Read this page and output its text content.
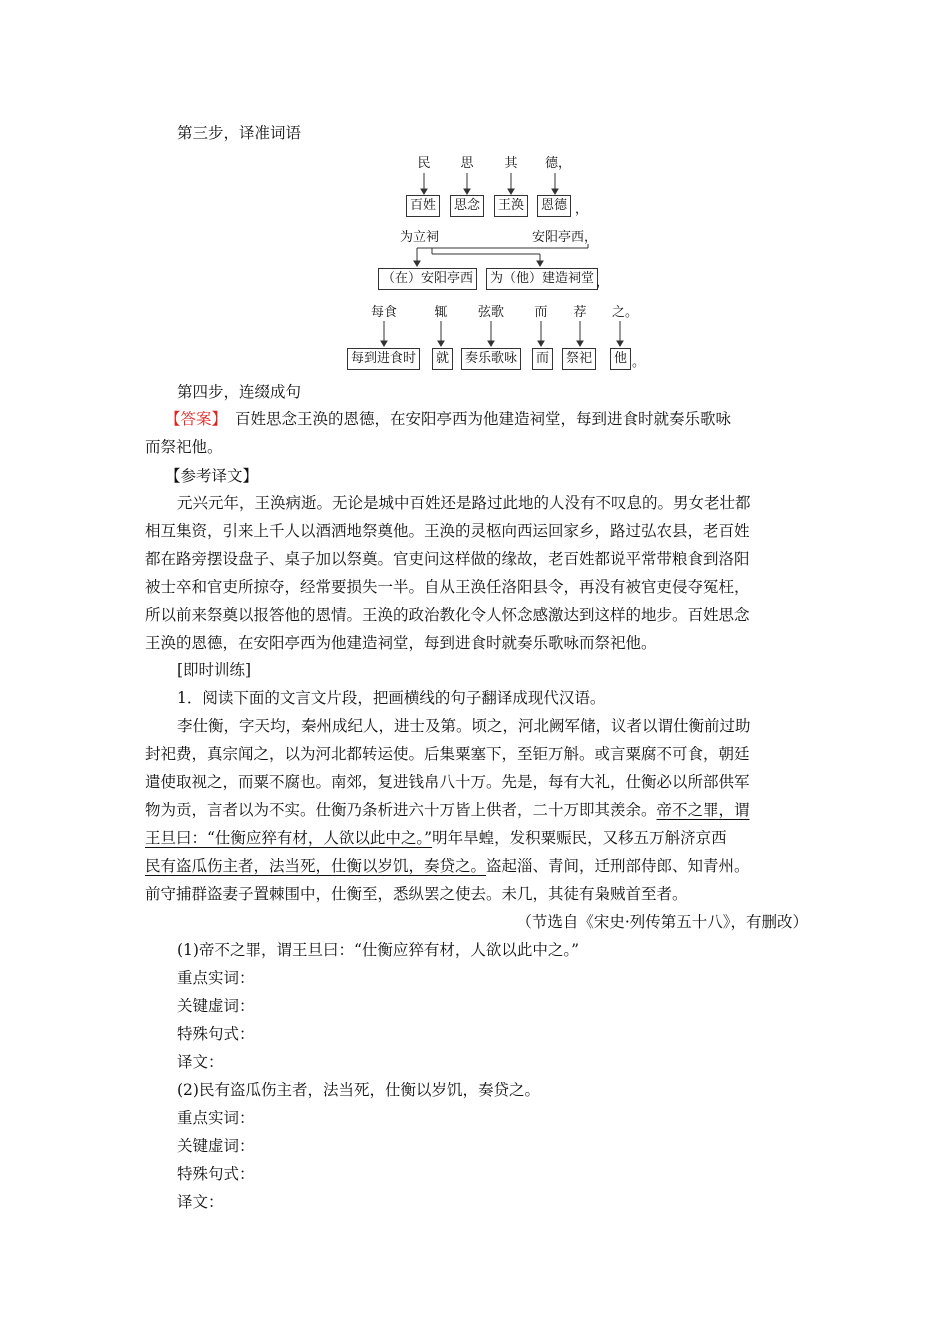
第三步，译准词语
民 思 其 德，
百姓	思念	王涣	恩德 ，
为立祠	安阳亭西，
（在）安阳亭西	为（他）建造祠堂 ，
每食	辄	弦歌	而 荐 之。
每到进食时	就	奏乐歌咏	而	祭祀	他 。
第四步，连缀成句
【答案】 百姓思念王涣的恩德，在安阳亭西为他建造祠堂，每到进食时就奏乐歌咏
而祭祀他。
【参考译文】
元兴元年，王涣病逝。无论是城中百姓还是路过此地的人没有不叹息的。男女老壮都
相互集资，引来上千人以酒洒地祭奠他。王涣的灵柩向西运回家乡，路过弘农县，老百姓
都在路旁摆设盘子、桌子加以祭奠。官吏问这样做的缘故，老百姓都说平常带粮食到洛阳
被士卒和官吏所掠夺，经常要损失一半。自从王涣任洛阳县令，再没有被官吏侵夺冤枉，
所以前来祭奠以报答他的恩情。王涣的政治教化令人怀念感激达到这样的地步。百姓思念
王涣的恩德，在安阳亭西为他建造祠堂，每到进食时就奏乐歌咏而祭祀他。
[即时训练]
1．阅读下面的文言文片段，把画横线的句子翻译成现代汉语。
李仕衡，字天均，秦州成纪人，进士及第。顷之，河北阙军储，议者以谓仕衡前过助
封祀费，真宗闻之，以为河北都转运使。后集粟塞下，至钜万斛。或言粟腐不可食，朝廷
遣使取视之，而粟不腐也。南郊，复进钱帛八十万。先是，每有大礼，仕衡必以所部供军
物为贡，言者以为不实。仕衡乃条析进六十万皆上供者，二十万即其羡余。帝不之罪，谓
王旦曰：“仕衡应猝有材，人欲以此中之。”明年旱蝗，发积粟赈民，又移五万斛济京西
民有盗瓜伤主者，法当死，仕衡以岁饥，奏贷之。盗起淄、青间，迁刑部侍郎、知青州。
前守捕群盗妻子置棘围中，仕衡至，悉纵罢之使去。未几，其徒有枭贼首至者。
（节选自《宋史·列传第五十八》，有删改）
(1)帝不之罪，谓王旦曰：“仕衡应猝有材，人欲以此中之。”
重点实词：
关键虚词：
特殊句式：
译文：
(2)民有盗瓜伤主者，法当死，仕衡以岁饥，奏贷之。
重点实词：
关键虚词：
特殊句式：
译文：
